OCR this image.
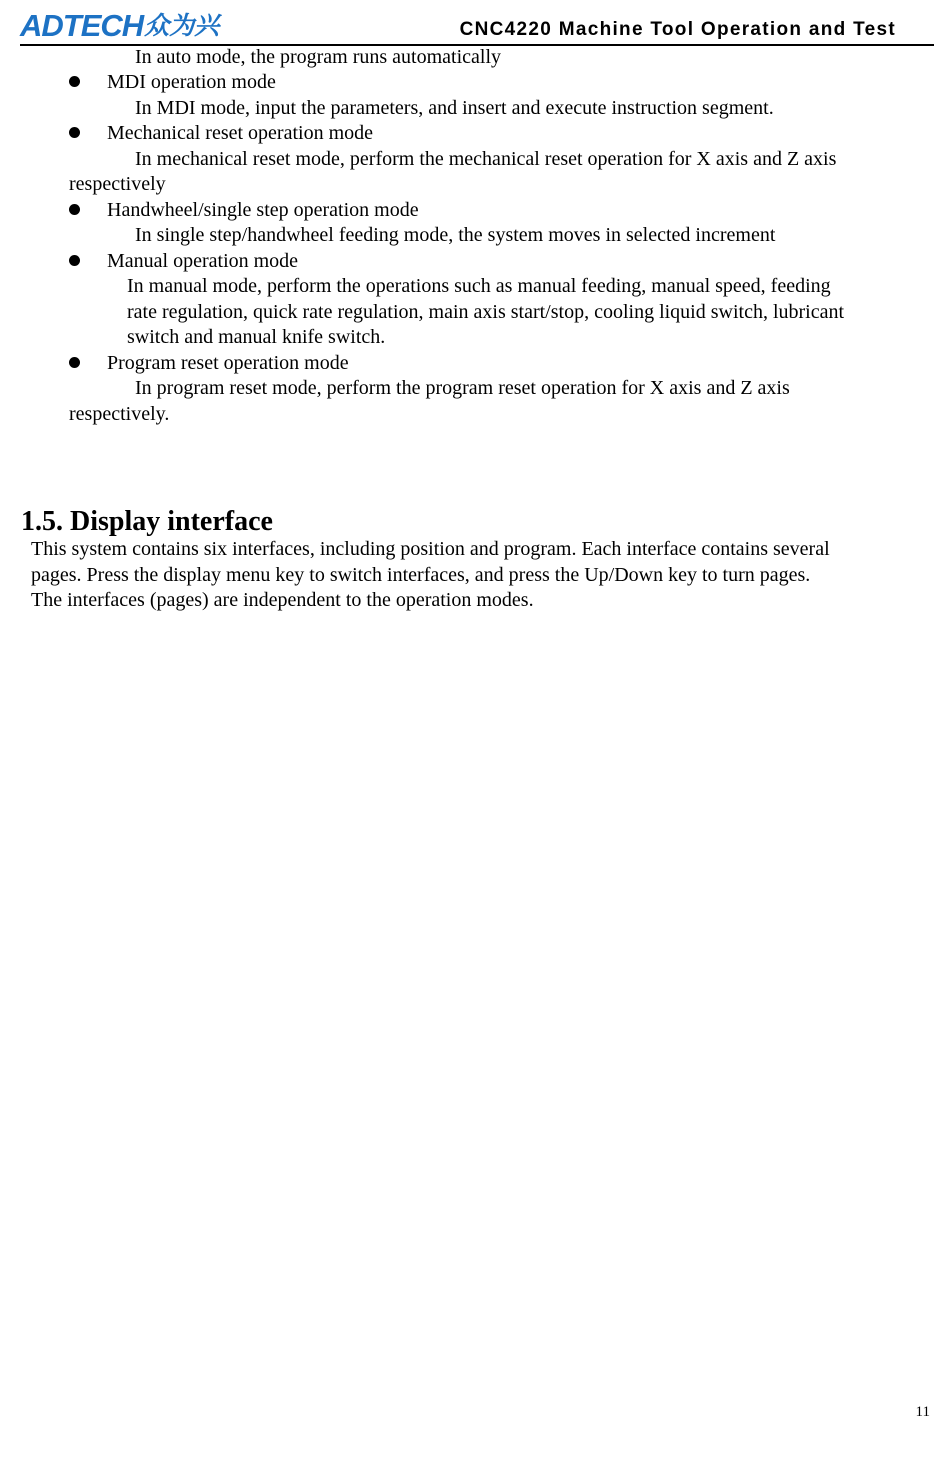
ADTECH 众为兴	CNC4220 Machine Tool Operation and Test
In auto mode, the program runs automatically
MDI operation mode
In MDI mode, input the parameters, and insert and execute instruction segment.
Mechanical reset operation mode
In mechanical reset mode, perform the mechanical reset operation for X axis and Z axis
respectively
Handwheel/single step operation mode
In single step/handwheel feeding mode, the system moves in selected increment
Manual operation mode
In manual mode, perform the operations such as manual feeding, manual speed, feeding
rate regulation, quick rate regulation, main axis start/stop, cooling liquid switch, lubricant
switch and manual knife switch.
Program reset operation mode
In program reset mode, perform the program reset operation for X axis and Z axis
respectively.
1.5. Display interface
This system contains six interfaces, including position and program. Each interface contains several
pages. Press the display menu key to switch interfaces, and press the Up/Down key to turn pages.
The interfaces (pages) are independent to the operation modes.
11
